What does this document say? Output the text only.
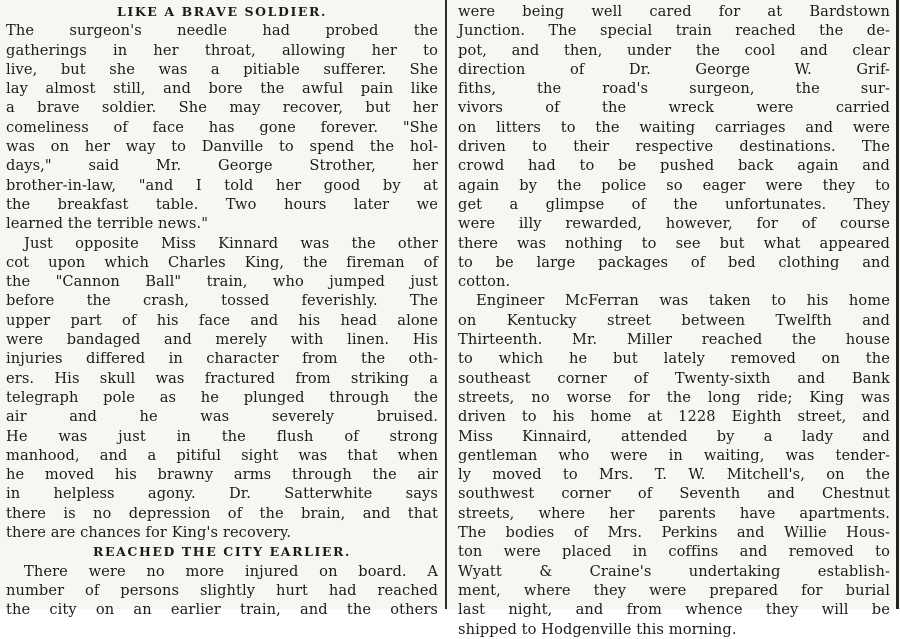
LIKE A BRAVE SOLDIER.
The surgeon's needle had probed the
gatherings in her throat, allowing her to
live, but she was a pitiable sufferer. She
lay almost still, and bore the awful pain like
a brave soldier. She may recover, but her
comeliness of face has gone forever. "She
was on her way to Danville to spend the hol-
days," said Mr. George Strother, her
brother-in-law, "and I told her good by at
the breakfast table. Two hours later we
learned the terrible news."
Just opposite Miss Kinnard was the other
cot upon which Charles King, the fireman of
the "Cannon Ball" train, who jumped just
before the crash, tossed feverishly. The
upper part of his face and his head alone
were bandaged and merely with linen. His
injuries differed in character from the oth-
ers. His skull was fractured from striking a
telegraph pole as he plunged through the
air and he was severely bruised.
He was just in the flush of strong
manhood, and a pitiful sight was that when
he moved his brawny arms through the air
in helpless agony. Dr. Satterwhite says
there is no depression of the brain, and that
there are chances for King's recovery.
REACHED THE CITY EARLIER.
There were no more injured on board. A
number of persons slightly hurt had reached
the city on an earlier train, and the others
were being well cared for at Bardstown
Junction. The special train reached the de-
pot, and then, under the cool and clear
direction of Dr. George W. Grif-
fiths, the road's surgeon, the sur-
vivors of the wreck were carried
on litters to the waiting carriages and were
driven to their respective destinations. The
crowd had to be pushed back again and
again by the police so eager were they to
get a glimpse of the unfortunates. They
were illy rewarded, however, for of course
there was nothing to see but what appeared
to be large packages of bed clothing and
cotton.
Engineer McFerran was taken to his home
on Kentucky street between Twelfth and
Thirteenth. Mr. Miller reached the house
to which he but lately removed on the
southeast corner of Twenty-sixth and Bank
streets, no worse for the long ride; King was
driven to his home at 1228 Eighth street, and
Miss Kinnaird, attended by a lady and
gentleman who were in waiting, was tender-
ly moved to Mrs. T. W. Mitchell's, on the
southwest corner of Seventh and Chestnut
streets, where her parents have apartments.
The bodies of Mrs. Perkins and Willie Hous-
ton were placed in coffins and removed to
Wyatt & Craine's undertaking establish-
ment, where they were prepared for burial
last night, and from whence they will be
shipped to Hodgenville this morning.
